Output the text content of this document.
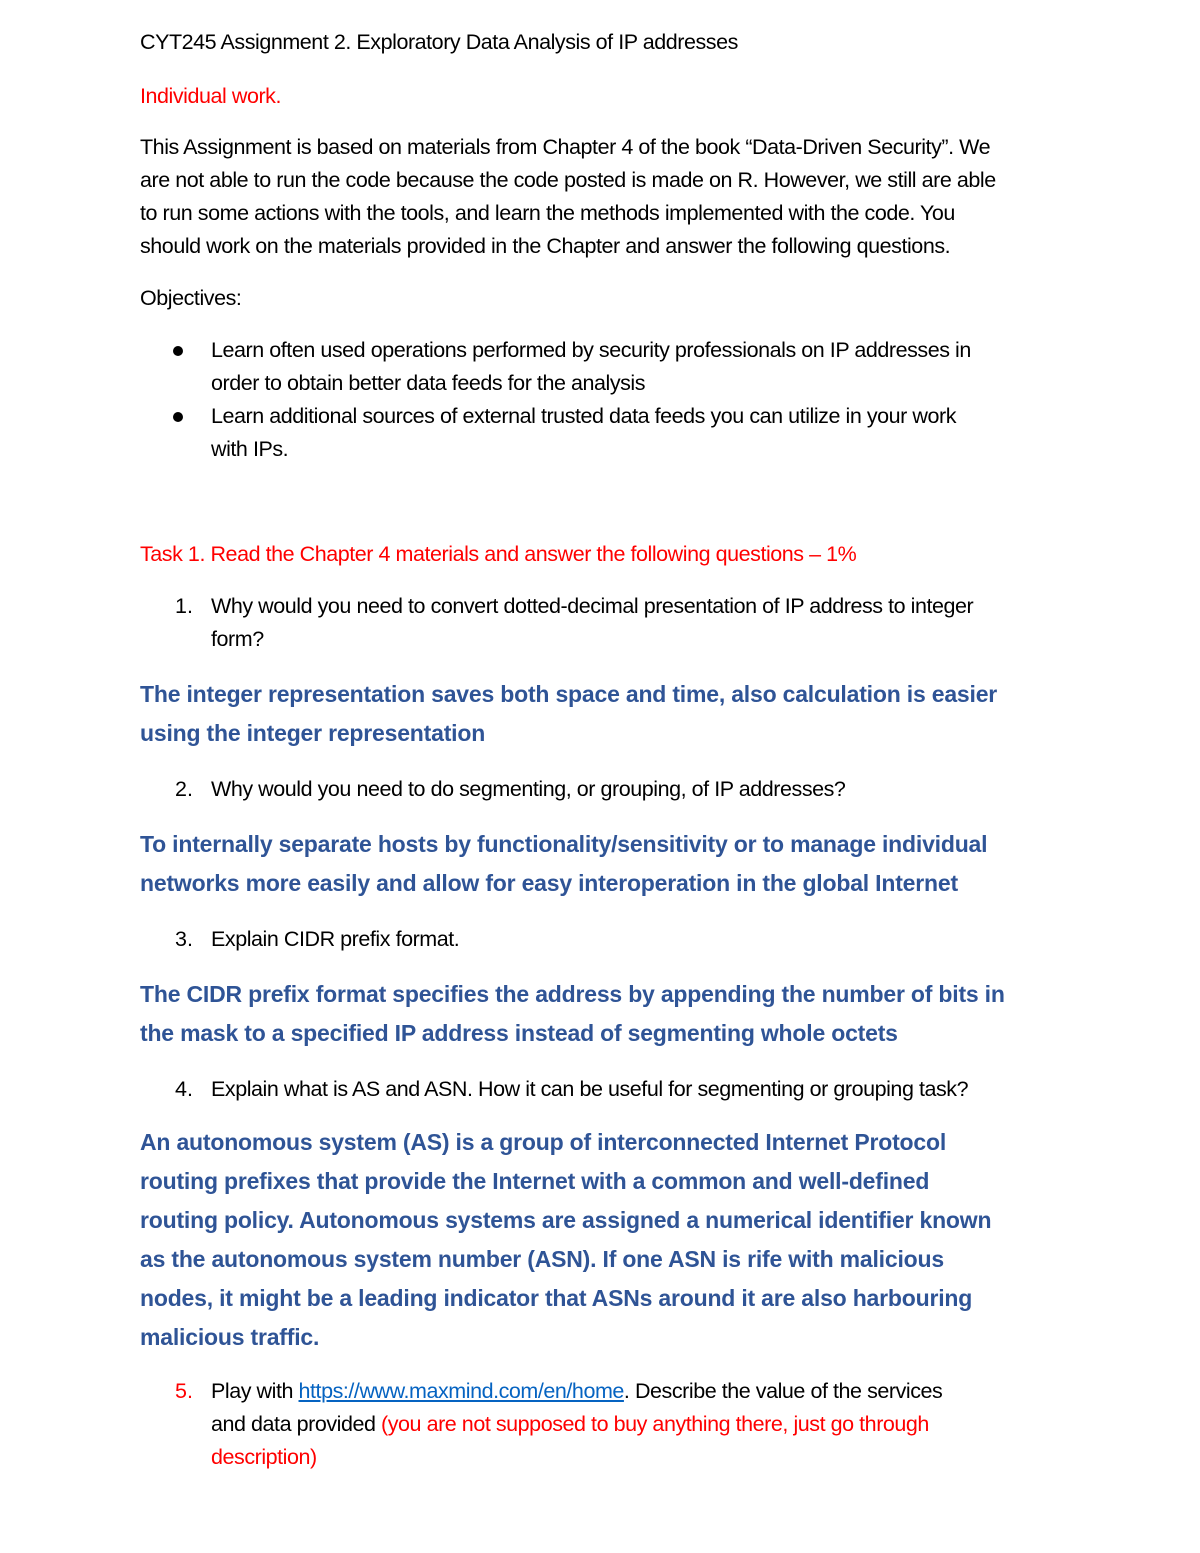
CYT245 Assignment 2. Exploratory Data Analysis of IP addresses
Individual work.
This Assignment is based on materials from Chapter 4 of the book “Data-Driven Security”. We
are not able to run the code because the code posted is made on R. However, we still are able
to run some actions with the tools, and learn the methods implemented with the code. You
should work on the materials provided in the Chapter and answer the following questions.
Objectives:
Learn often used operations performed by security professionals on IP addresses in
order to obtain better data feeds for the analysis
Learn additional sources of external trusted data feeds you can utilize in your work
with IPs.
Task 1. Read the Chapter 4 materials and answer the following questions – 1%
1. Why would you need to convert dotted-decimal presentation of IP address to integer
form?
The integer representation saves both space and time, also calculation is easier
using the integer representation
2. Why would you need to do segmenting, or grouping, of IP addresses?
To internally separate hosts by functionality/sensitivity or to manage individual
networks more easily and allow for easy interoperation in the global Internet
3. Explain CIDR prefix format.
The CIDR prefix format specifies the address by appending the number of bits in
the mask to a specified IP address instead of segmenting whole octets
4. Explain what is AS and ASN. How it can be useful for segmenting or grouping task?
An autonomous system (AS) is a group of interconnected Internet Protocol
routing prefixes that provide the Internet with a common and well-defined
routing policy. Autonomous systems are assigned a numerical identifier known
as the autonomous system number (ASN). If one ASN is rife with malicious
nodes, it might be a leading indicator that ASNs around it are also harbouring
malicious traffic.
5. Play with https://www.maxmind.com/en/home. Describe the value of the services
and data provided (you are not supposed to buy anything there, just go through
description)
